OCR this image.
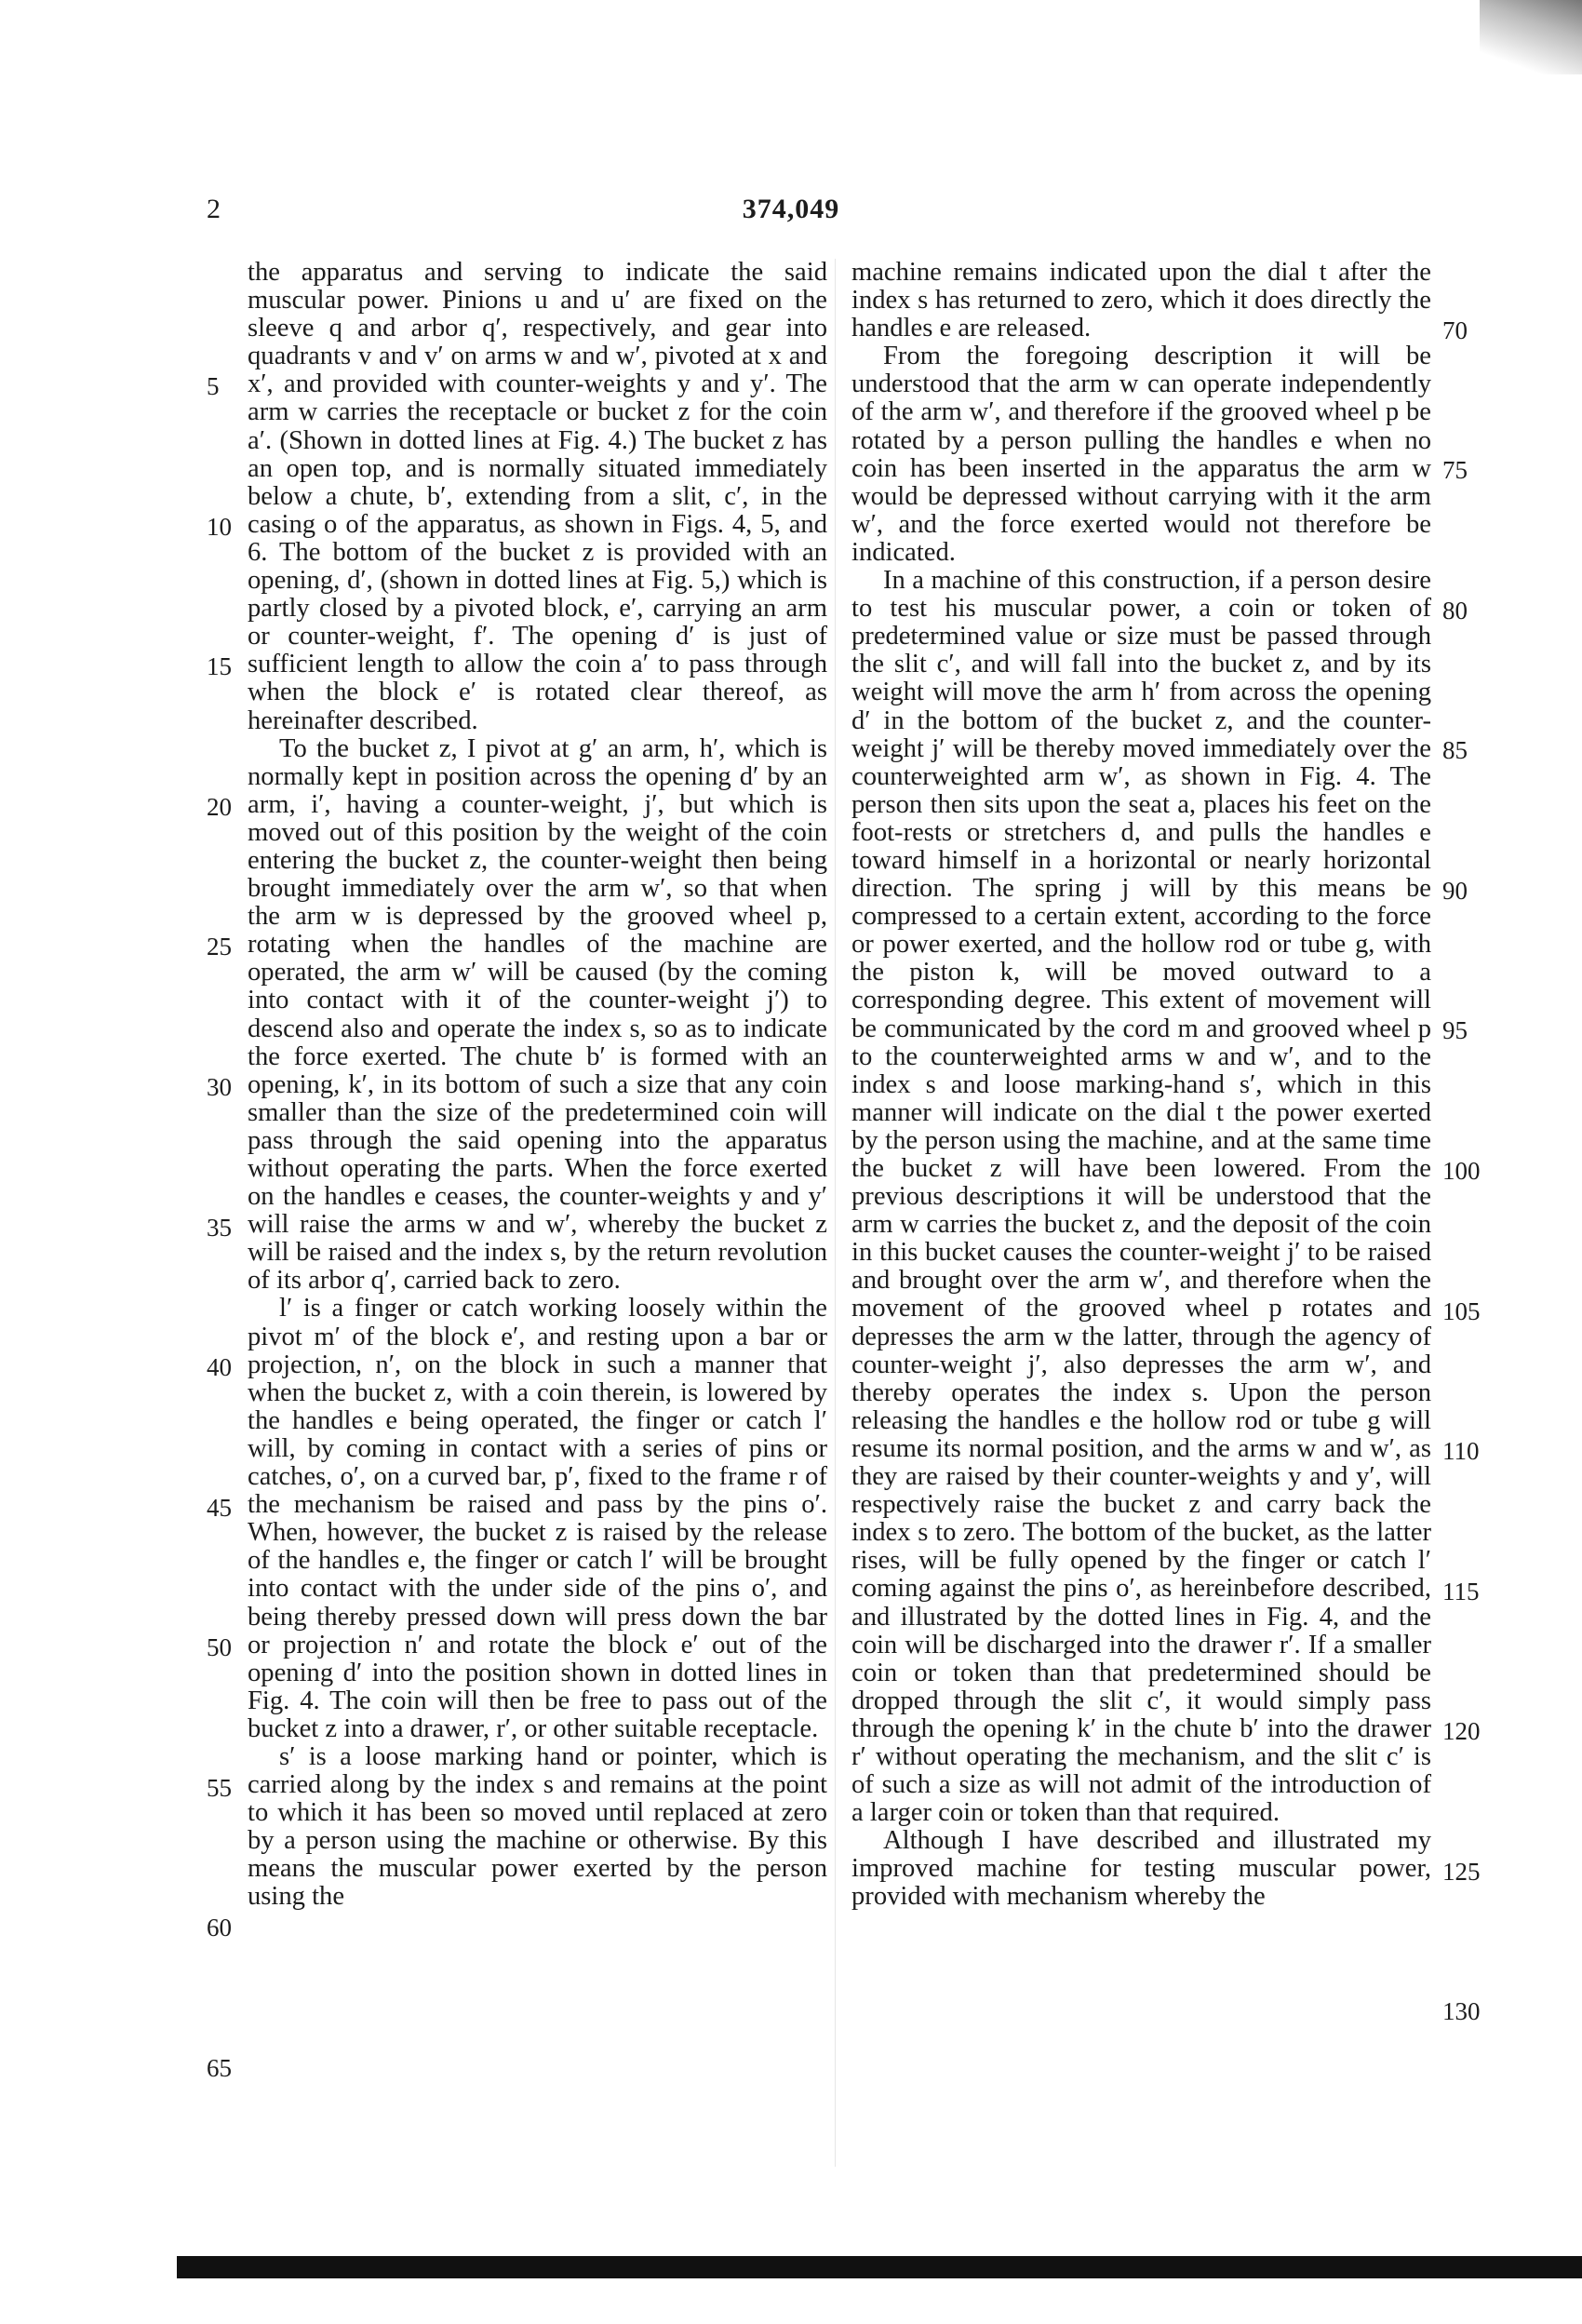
2	374,049

the apparatus and serving to indicate the said muscular power. Pinions u and u′ are fixed on the sleeve q and arbor q′, respectively, and gear into quadrants v and v′ on arms w and w′, pivoted at x and x′, and provided with counter-weights y and y′. The arm w carries the receptacle or bucket z for the coin a′. (Shown in dotted lines at Fig. 4.) The bucket z has an open top, and is normally situated immediately below a chute, b′, extending from a slit, c′, in the casing o of the apparatus, as shown in Figs. 4, 5, and 6. The bottom of the bucket z is provided with an opening, d′, (shown in dotted lines at Fig. 5,) which is partly closed by a pivoted block, e′, carrying an arm or counter-weight, f′. The opening d′ is just of sufficient length to allow the coin a′ to pass through when the block e′ is rotated clear thereof, as hereinafter described.

To the bucket z, I pivot at g′ an arm, h′, which is normally kept in position across the opening d′ by an arm, i′, having a counter-weight, j′, but which is moved out of this position by the weight of the coin entering the bucket z, the counter-weight then being brought immediately over the arm w′, so that when the arm w is depressed by the grooved wheel p, rotating when the handles of the machine are operated, the arm w′ will be caused (by the coming into contact with it of the counter-weight j′) to descend also and operate the index s, so as to indicate the force exerted. The chute b′ is formed with an opening, k′, in its bottom of such a size that any coin smaller than the size of the predetermined coin will pass through the said opening into the apparatus without operating the parts. When the force exerted on the handles e ceases, the counter-weights y and y′ will raise the arms w and w′, whereby the bucket z will be raised and the index s, by the return revolution of its arbor q′, carried back to zero.

l′ is a finger or catch working loosely within the pivot m′ of the block e′, and resting upon a bar or projection, n′, on the block in such a manner that when the bucket z, with a coin therein, is lowered by the handles e being operated, the finger or catch l′ will, by coming in contact with a series of pins or catches, o′, on a curved bar, p′, fixed to the frame r of the mechanism be raised and pass by the pins o′. When, however, the bucket z is raised by the release of the handles e, the finger or catch l′ will be brought into contact with the under side of the pins o′, and being thereby pressed down will press down the bar or projection n′ and rotate the block e′ out of the opening d′ into the position shown in dotted lines in Fig. 4. The coin will then be free to pass out of the bucket z into a drawer, r′, or other suitable receptacle.

s′ is a loose marking hand or pointer, which is carried along by the index s and remains at the point to which it has been so moved until replaced at zero by a person using the machine or otherwise. By this means the muscular power exerted by the person using the

machine remains indicated upon the dial t after the index s has returned to zero, which it does directly the handles e are released.

From the foregoing description it will be understood that the arm w can operate independently of the arm w′, and therefore if the grooved wheel p be rotated by a person pulling the handles e when no coin has been inserted in the apparatus the arm w would be depressed without carrying with it the arm w′, and the force exerted would not therefore be indicated.

In a machine of this construction, if a person desire to test his muscular power, a coin or token of predetermined value or size must be passed through the slit c′, and will fall into the bucket z, and by its weight will move the arm h′ from across the opening d′ in the bottom of the bucket z, and the counter-weight j′ will be thereby moved immediately over the counterweighted arm w′, as shown in Fig. 4. The person then sits upon the seat a, places his feet on the foot-rests or stretchers d, and pulls the handles e toward himself in a horizontal or nearly horizontal direction. The spring j will by this means be compressed to a certain extent, according to the force or power exerted, and the hollow rod or tube g, with the piston k, will be moved outward to a corresponding degree. This extent of movement will be communicated by the cord m and grooved wheel p to the counterweighted arms w and w′, and to the index s and loose marking-hand s′, which in this manner will indicate on the dial t the power exerted by the person using the machine, and at the same time the bucket z will have been lowered. From the previous descriptions it will be understood that the arm w carries the bucket z, and the deposit of the coin in this bucket causes the counter-weight j′ to be raised and brought over the arm w′, and therefore when the movement of the grooved wheel p rotates and depresses the arm w the latter, through the agency of counter-weight j′, also depresses the arm w′, and thereby operates the index s. Upon the person releasing the handles e the hollow rod or tube g will resume its normal position, and the arms w and w′, as they are raised by their counter-weights y and y′, will respectively raise the bucket z and carry back the index s to zero. The bottom of the bucket, as the latter rises, will be fully opened by the finger or catch l′ coming against the pins o′, as hereinbefore described, and illustrated by the dotted lines in Fig. 4, and the coin will be discharged into the drawer r′. If a smaller coin or token than that predetermined should be dropped through the slit c′, it would simply pass through the opening k′ in the chute b′ into the drawer r′ without operating the mechanism, and the slit c′ is of such a size as will not admit of the introduction of a larger coin or token than that required.

Although I have described and illustrated my improved machine for testing muscular power, provided with mechanism whereby the

5
10
15
20
25
30
35
40
45
50
55
60
65
70
75
80
85
90
95
100
105
110
115
120
125
130
